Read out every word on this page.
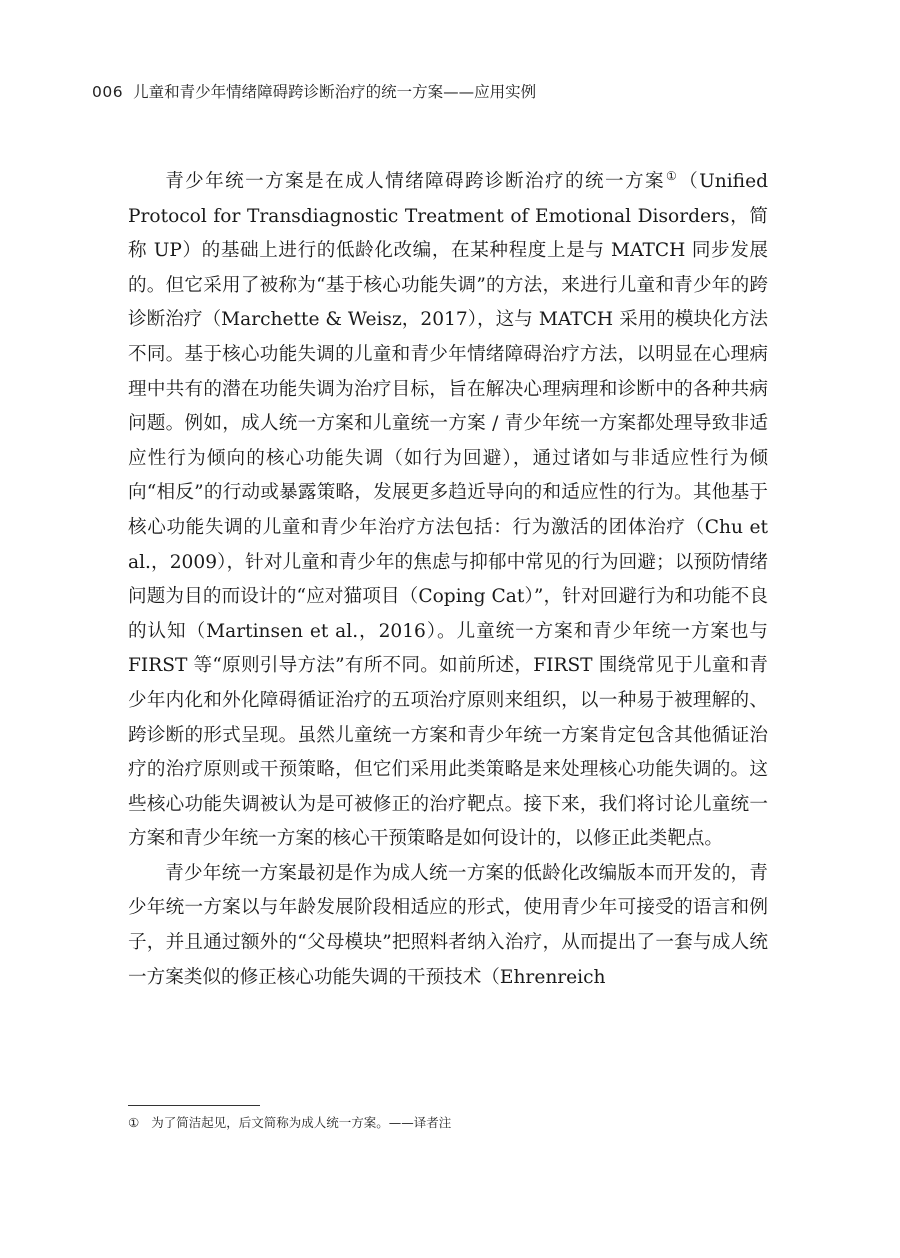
006 儿童和青少年情绪障碍跨诊断治疗的统一方案——应用实例

青少年统一方案是在成人情绪障碍跨诊断治疗的统一方案①（Unified Protocol for Transdiagnostic Treatment of Emotional Disorders，简称 UP）的基础上进行的低龄化改编，在某种程度上是与 MATCH 同步发展的。但它采用了被称为“基于核心功能失调”的方法，来进行儿童和青少年的跨诊断治疗（Marchette & Weisz，2017），这与 MATCH 采用的模块化方法不同。基于核心功能失调的儿童和青少年情绪障碍治疗方法，以明显在心理病理中共有的潜在功能失调为治疗目标，旨在解决心理病理和诊断中的各种共病问题。例如，成人统一方案和儿童统一方案 / 青少年统一方案都处理导致非适应性行为倾向的核心功能失调（如行为回避），通过诸如与非适应性行为倾向“相反”的行动或暴露策略，发展更多趋近导向的和适应性的行为。其他基于核心功能失调的儿童和青少年治疗方法包括：行为激活的团体治疗（Chu et al.，2009），针对儿童和青少年的焦虑与抑郁中常见的行为回避；以预防情绪问题为目的而设计的“应对猫项目（Coping Cat）”，针对回避行为和功能不良的认知（Martinsen et al.，2016）。儿童统一方案和青少年统一方案也与 FIRST 等“原则引导方法”有所不同。如前所述，FIRST 围绕常见于儿童和青少年内化和外化障碍循证治疗的五项治疗原则来组织，以一种易于被理解的、跨诊断的形式呈现。虽然儿童统一方案和青少年统一方案肯定包含其他循证治疗的治疗原则或干预策略，但它们采用此类策略是来处理核心功能失调的。这些核心功能失调被认为是可被修正的治疗靶点。接下来，我们将讨论儿童统一方案和青少年统一方案的核心干预策略是如何设计的，以修正此类靶点。

青少年统一方案最初是作为成人统一方案的低龄化改编版本而开发的，青少年统一方案以与年龄发展阶段相适应的形式，使用青少年可接受的语言和例子，并且通过额外的“父母模块”把照料者纳入治疗，从而提出了一套与成人统一方案类似的修正核心功能失调的干预技术（Ehrenreich

① 为了简洁起见，后文简称为成人统一方案。——译者注
